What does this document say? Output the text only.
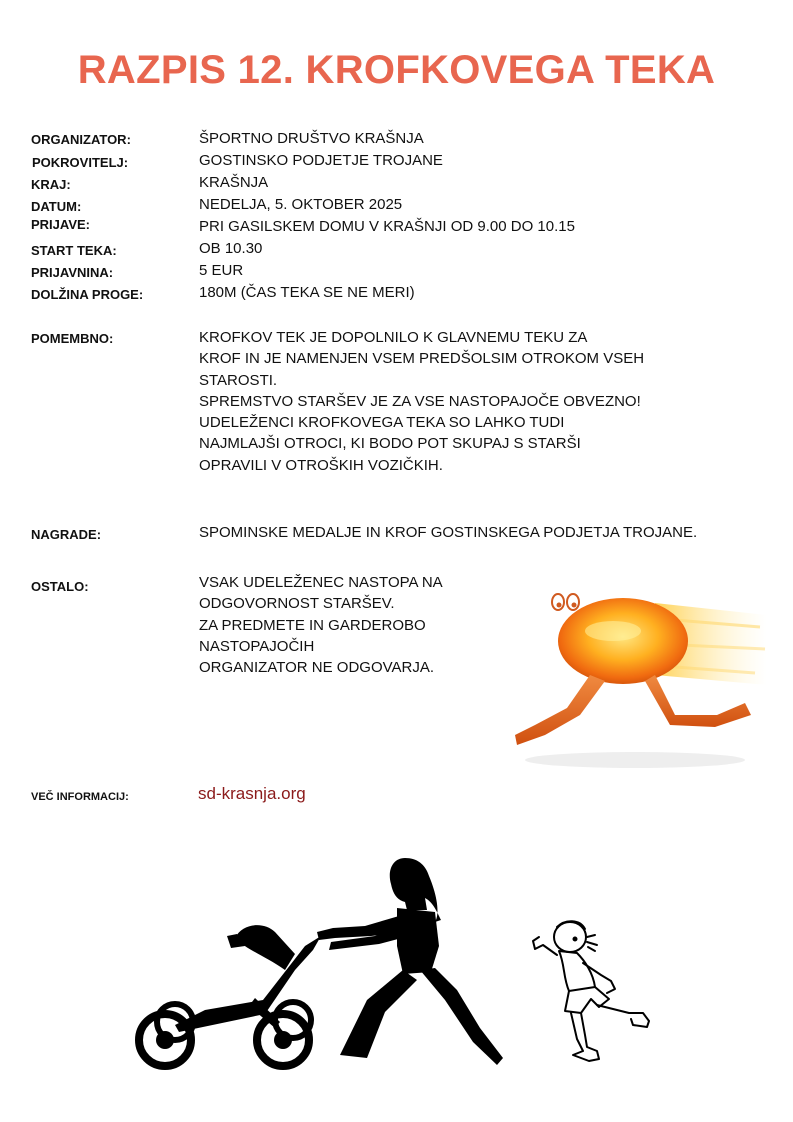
RAZPIS 12. KROFKOVEGA TEKA
ORGANIZATOR:	ŠPORTNO DRUŠTVO KRAŠNJA
POKROVITELJ:	GOSTINSKO PODJETJE TROJANE
KRAJ:	KRAŠNJA
DATUM:	NEDELJA, 5. OKTOBER 2025
PRIJAVE:	PRI GASILSKEM DOMU V KRAŠNJI OD 9.00 DO 10.15
START TEKA:	OB 10.30
PRIJAVNINA:	5 EUR
DOLŽINA PROGE:	180M (ČAS TEKA SE NE MERI)
POMEMBNO:	KROFKOV TEK JE DOPOLNILO K GLAVNEMU TEKU ZA
KROF IN JE NAMENJEN VSEM PREDŠOLSIM OTROKOM VSEH
STAROSTI.
SPREMSTVO STARŠEV JE ZA VSE NASTOPAJOČE OBVEZNO!
UDELEŽENCI KROFKOVEGA TEKA SO LAHKO TUDI
NAJMLAJŠI OTROCI, KI BODO POT SKUPAJ S STARŠI
OPRAVILI V OTROŠKIH VOZIČKIH.
NAGRADE:	SPOMINSKE MEDALJE IN KROF GOSTINSKEGA PODJETJA TROJANE.
OSTALO:	VSAK UDELEŽENEC NASTOPA NA
ODGOVORNOST STARŠEV.
ZA PREDMETE IN GARDEROBO
NASTOPAJOČIH
ORGANIZATOR NE ODGOVARJA.
VEČ INFORMACIJ:	sd-krasnja.org
